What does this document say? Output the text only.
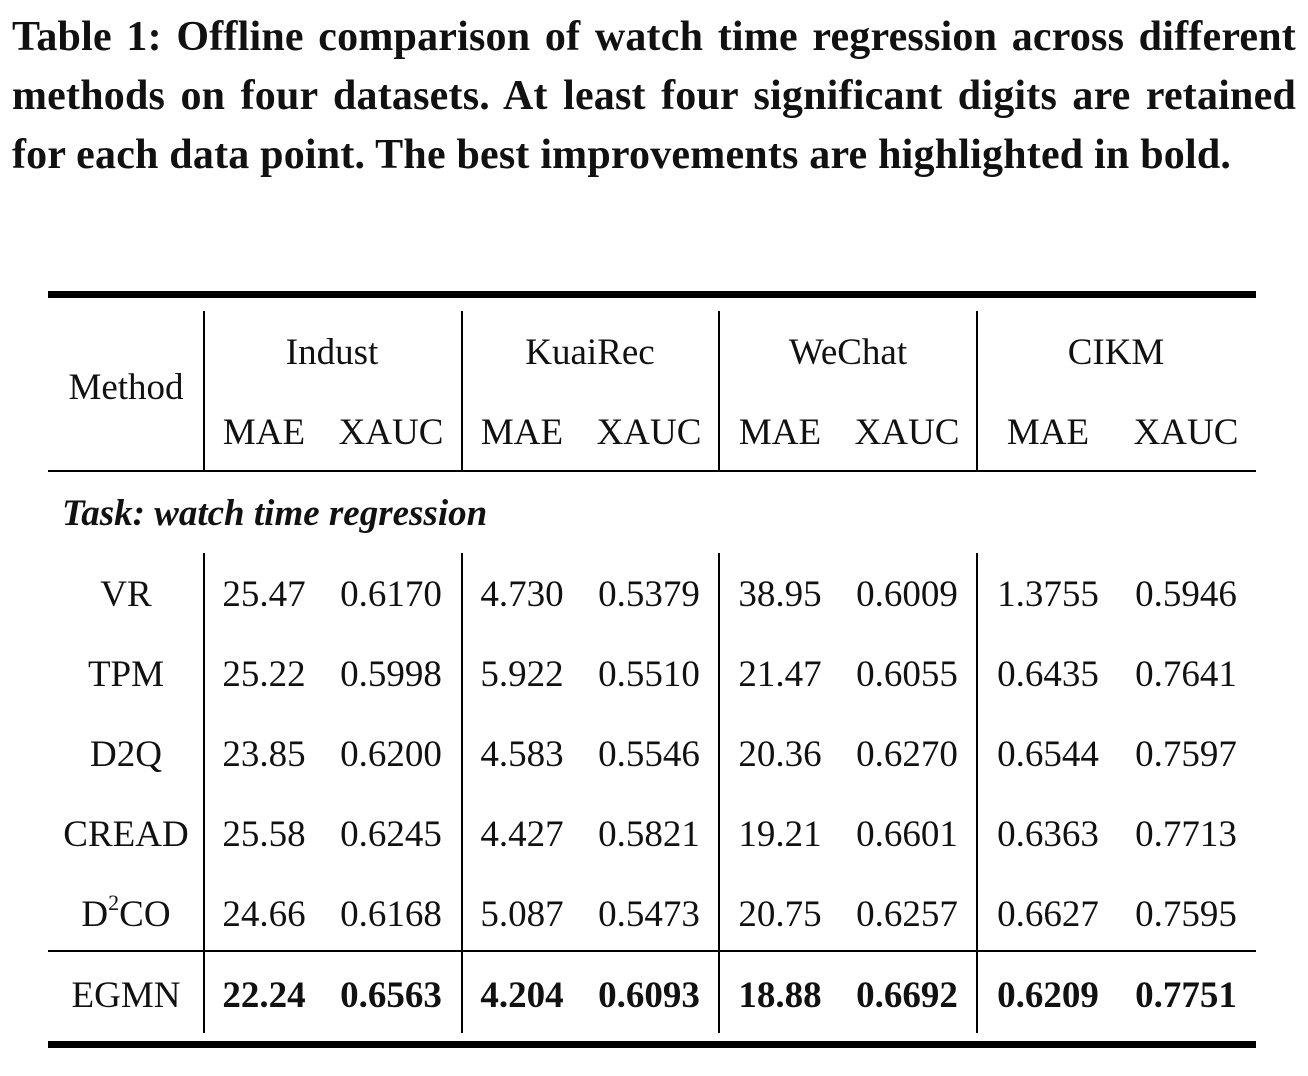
Table 1: Offline comparison of watch time regression across different methods on four datasets. At least four significant digits are retained for each data point. The best improvements are highlighted in bold.
Method
Indust	KuaiRec	WeChat	CIKM
MAE XAUC MAE XAUC MAE XAUC MAE XAUC
Task: watch time regression
VR 25.47 0.6170 4.730 0.5379 38.95 0.6009 1.3755 0.5946
TPM 25.22 0.5998 5.922 0.5510 21.47 0.6055 0.6435 0.7641
D2Q 23.85 0.6200 4.583 0.5546 20.36 0.6270 0.6544 0.7597
CREAD 25.58 0.6245 4.427 0.5821 19.21 0.6601 0.6363 0.7713
$D^2CO$ 24.66 0.6168 5.087 0.5473 20.75 0.6257 0.6627 0.7595
EGMN 22.24 0.6563 4.204 0.6093 18.88 0.6692 0.6209 0.7751
